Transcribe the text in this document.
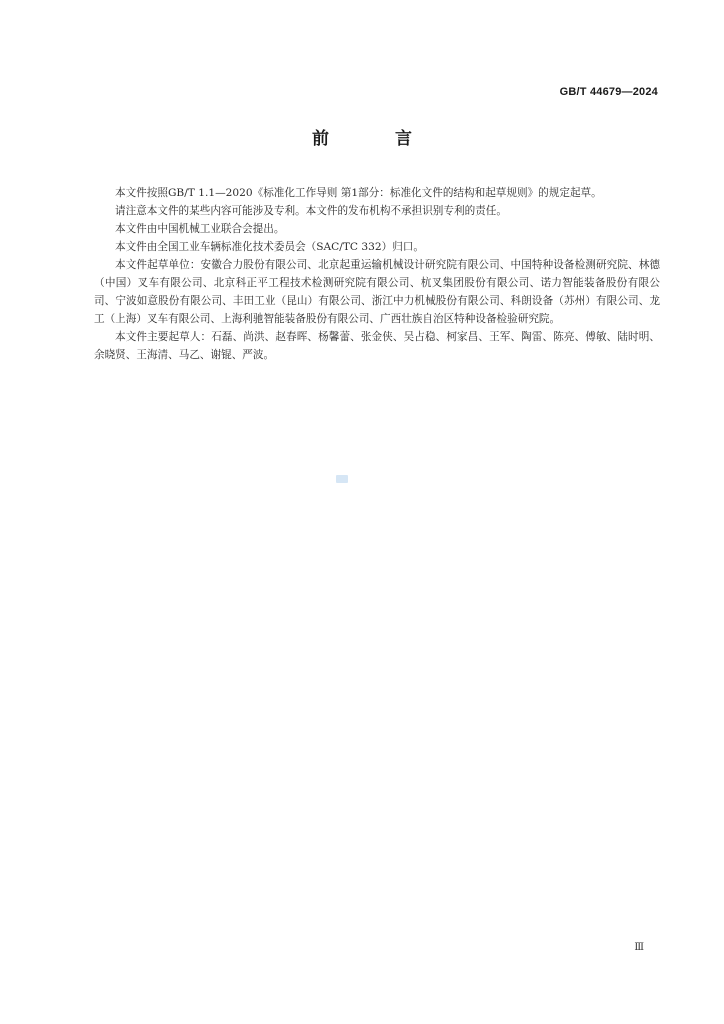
GB/T 44679—2024
前 言

本文件按照GB/T 1.1—2020《标准化工作导则 第1部分：标准化文件的结构和起草规则》的规定起草。

请注意本文件的某些内容可能涉及专利。本文件的发布机构不承担识别专利的责任。

本文件由中国机械工业联合会提出。

本文件由全国工业车辆标准化技术委员会（SAC/TC 332）归口。

本文件起草单位：安徽合力股份有限公司、北京起重运输机械设计研究院有限公司、中国特种设备检测研究院、林德（中国）叉车有限公司、北京科正平工程技术检测研究院有限公司、杭叉集团股份有限公司、诺力智能装备股份有限公司、宁波如意股份有限公司、丰田工业（昆山）有限公司、浙江中力机械股份有限公司、科朗设备（苏州）有限公司、龙工（上海）叉车有限公司、上海利驰智能装备股份有限公司、广西壮族自治区特种设备检验研究院。

本文件主要起草人：石磊、尚洪、赵春晖、杨馨蕾、张金侠、吴占稳、柯家昌、王军、陶雷、陈亮、傅敏、陆时明、余晓贤、王海清、马乙、谢锟、严波。

Ⅲ
